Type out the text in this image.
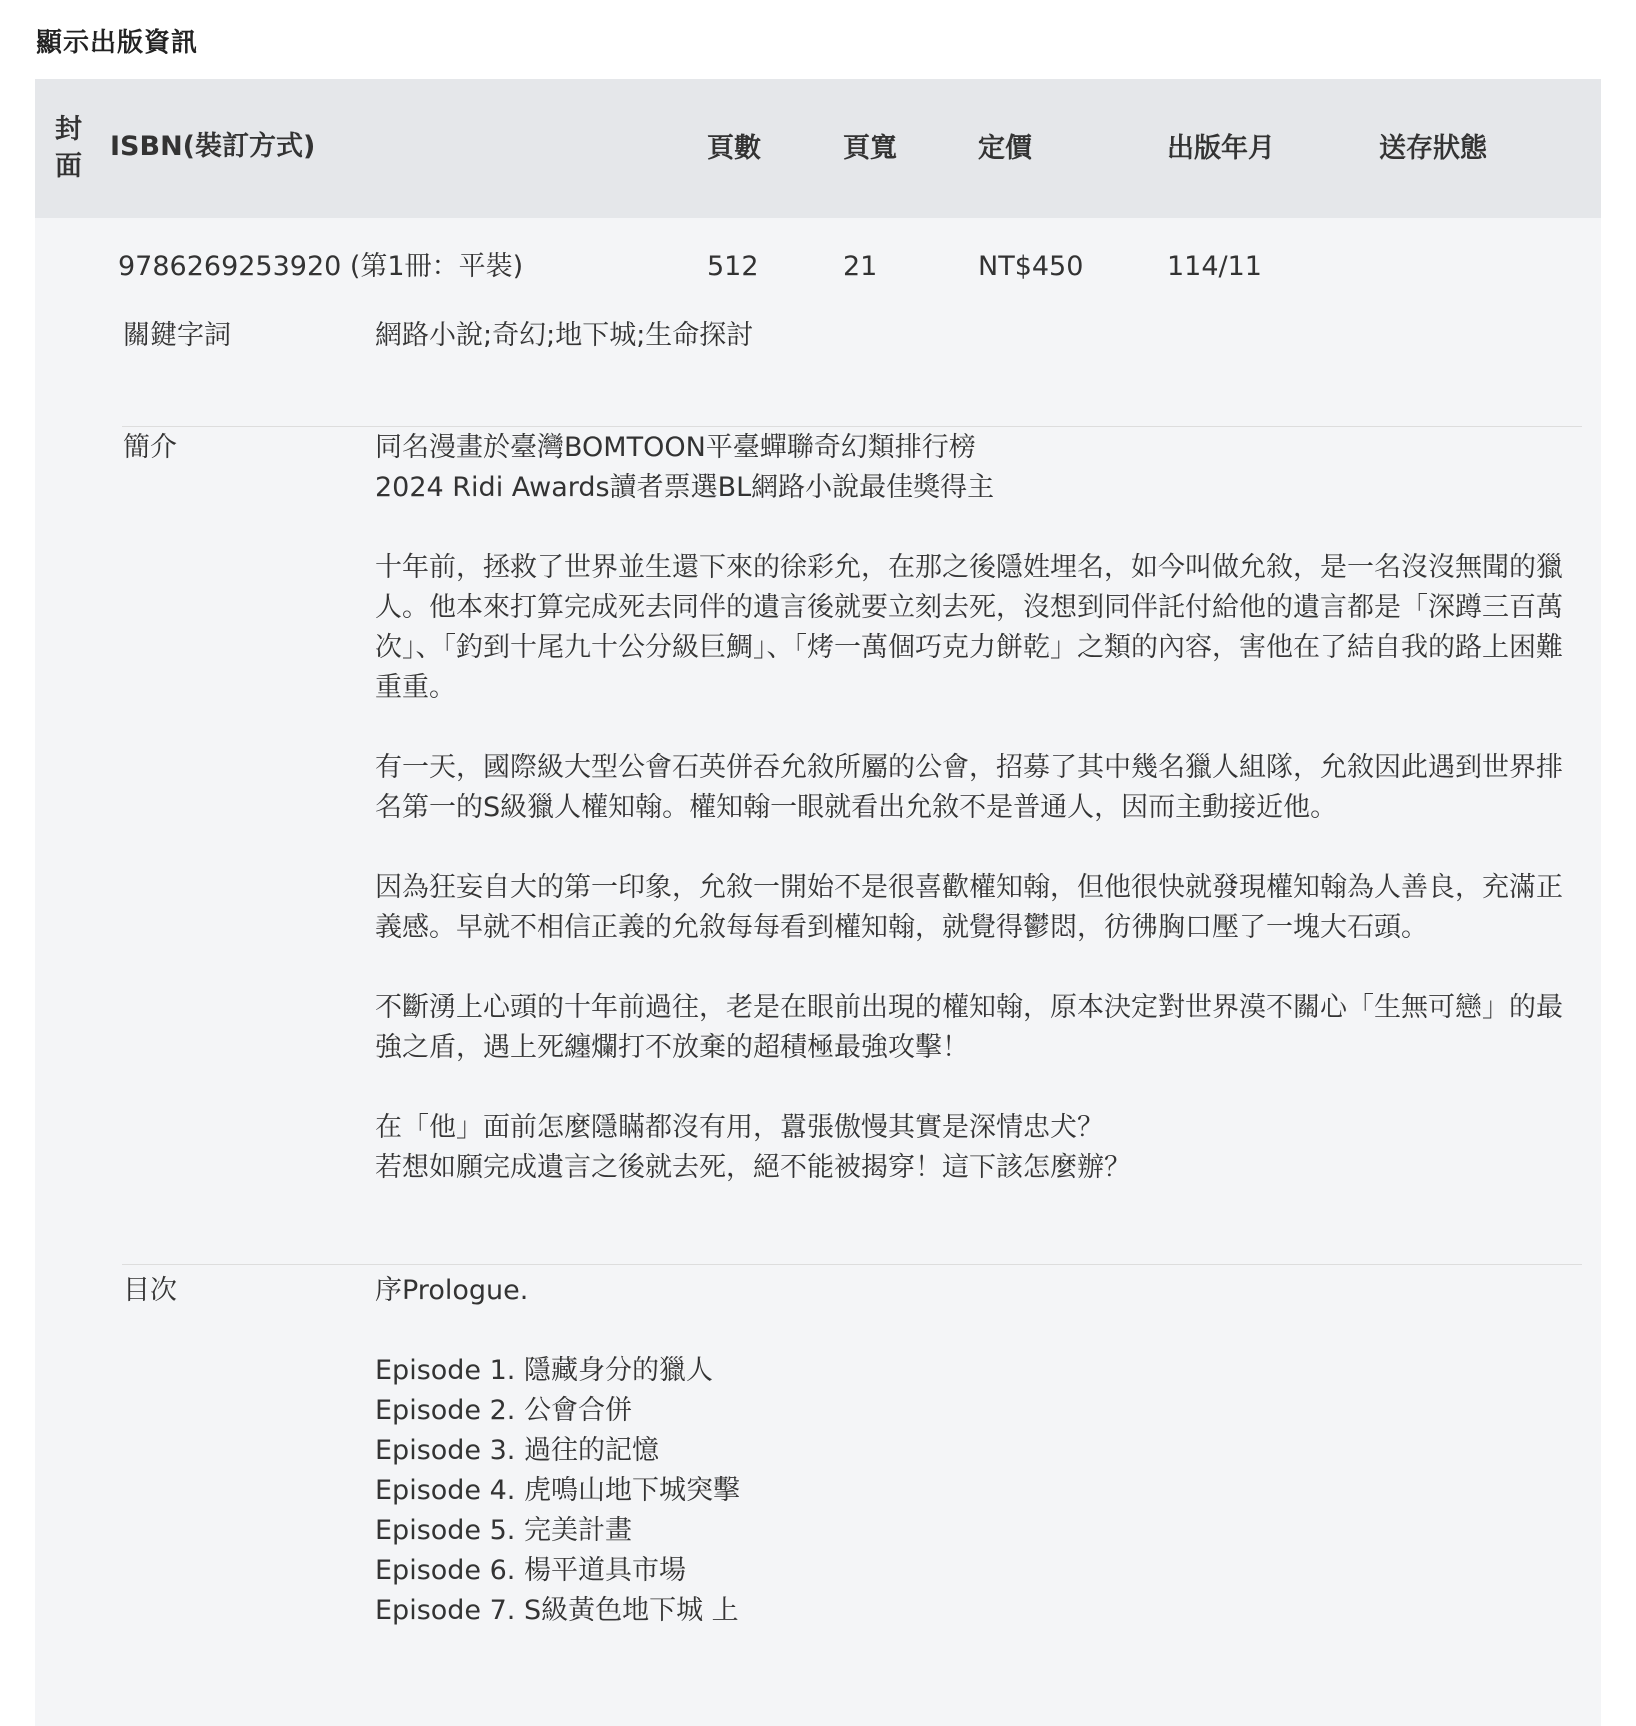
顯示出版資訊
封面
ISBN(裝訂方式)	頁數	頁寬	定價	出版年月	送存狀態
9786269253920 (第1冊：平裝)	512	21	NT$450	114/11
關鍵字詞	網路小說;奇幻;地下城;生命探討
簡介	同名漫畫於臺灣BOMTOON平臺蟬聯奇幻類排行榜
2024 Ridi Awards讀者票選BL網路小說最佳獎得主
十年前，拯救了世界並生還下來的徐彩允，在那之後隱姓埋名，如今叫做允敘，是一名沒沒無聞的獵人。他本來打算完成死去同伴的遺言後就要立刻去死，沒想到同伴託付給他的遺言都是「深蹲三百萬次」、「釣到十尾九十公分級巨鯛」、「烤一萬個巧克力餅乾」之類的內容，害他在了結自我的路上困難重重。
有一天，國際級大型公會石英併吞允敘所屬的公會，招募了其中幾名獵人組隊，允敘因此遇到世界排名第一的S級獵人權知翰。權知翰一眼就看出允敘不是普通人，因而主動接近他。
因為狂妄自大的第一印象，允敘一開始不是很喜歡權知翰，但他很快就發現權知翰為人善良，充滿正義感。早就不相信正義的允敘每每看到權知翰，就覺得鬱悶，彷彿胸口壓了一塊大石頭。
不斷湧上心頭的十年前過往，老是在眼前出現的權知翰，原本決定對世界漠不關心「生無可戀」的最強之盾，遇上死纏爛打不放棄的超積極最強攻擊！
在「他」面前怎麼隱瞞都沒有用，囂張傲慢其實是深情忠犬？
若想如願完成遺言之後就去死，絕不能被揭穿！這下該怎麼辦？
目次	序Prologue.
Episode 1. 隱藏身分的獵人
Episode 2. 公會合併
Episode 3. 過往的記憶
Episode 4. 虎鳴山地下城突擊
Episode 5. 完美計畫
Episode 6. 楊平道具市場
Episode 7. S級黃色地下城 上
